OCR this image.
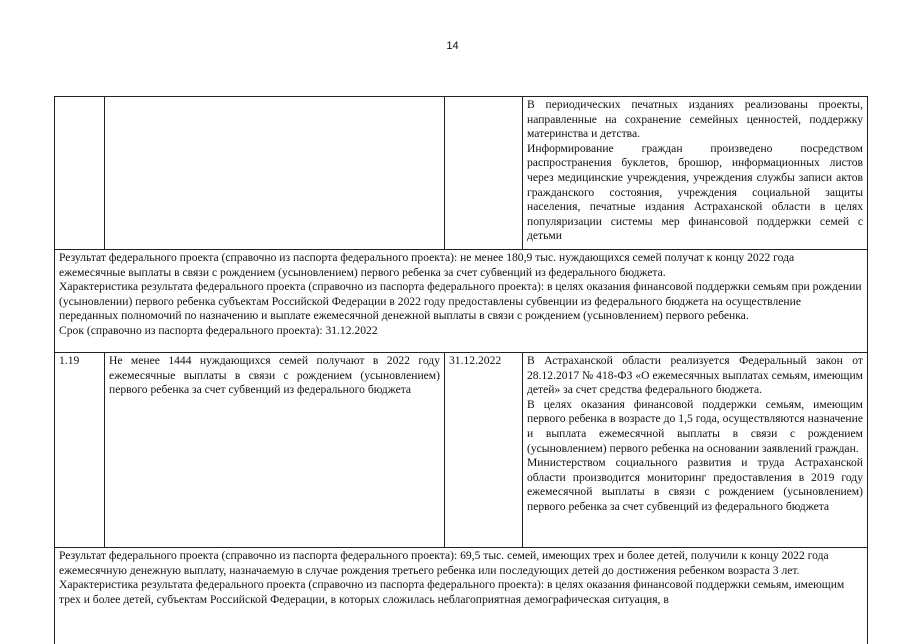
14

В периодических печатных изданиях реализованы проекты, направленные на сохранение семейных ценностей, поддержку материнства и детства.

Информирование граждан произведено посредством распространения буклетов, брошюр, информационных листов через медицинские учреждения, учреждения службы записи актов гражданского состояния, учреждения социальной защиты населения, печатные издания Астраханской области в целях популяризации системы мер финансовой поддержки семей с детьми

Результат федерального проекта (справочно из паспорта федерального проекта): не менее 180,9 тыс. нуждающихся семей получат к концу 2022 года ежемесячные выплаты в связи с рождением (усыновлением) первого ребенка за счет субвенций из федерального бюджета.

Характеристика результата федерального проекта (справочно из паспорта федерального проекта): в целях оказания финансовой поддержки семьям при рождении (усыновлении) первого ребенка субъектам Российской Федерации в 2022 году предоставлены субвенции из федерального бюджета на осуществление переданных полномочий по назначению и выплате ежемесячной денежной выплаты в связи с рождением (усыновлением) первого ребенка.

Срок (справочно из паспорта федерального проекта): 31.12.2022

1.19	Не менее 1444 нуждающихся семей получают в 2022 году ежемесячные выплаты в связи с рождением (усыновлением) первого ребенка за счет субвенций из федерального бюджета
31.12.2022	В Астраханской области реализуется Федеральный закон от 28.12.2017 № 418-ФЗ «О ежемесячных выплатах семьям, имеющим детей» за счет средства федерального бюджета.

В целях оказания финансовой поддержки семьям, имеющим первого ребенка в возрасте до 1,5 года, осуществляются назначение и выплата ежемесячной выплаты в связи с рождением (усыновлением) первого ребенка на основании заявлений граждан.

Министерством социального развития и труда Астраханской области производится мониторинг предоставления в 2019 году ежемесячной выплаты в связи с рождением (усыновлением) первого ребенка за счет субвенций из федерального бюджета

Результат федерального проекта (справочно из паспорта федерального проекта): 69,5 тыс. семей, имеющих трех и более детей, получили к концу 2022 года ежемесячную денежную выплату, назначаемую в случае рождения третьего ребенка или последующих детей до достижения ребенком возраста 3 лет.

Характеристика результата федерального проекта (справочно из паспорта федерального проекта): в целях оказания финансовой поддержки семьям, имеющим трех и более детей, субъектам Российской Федерации, в которых сложилась неблагоприятная демографическая ситуация, в
